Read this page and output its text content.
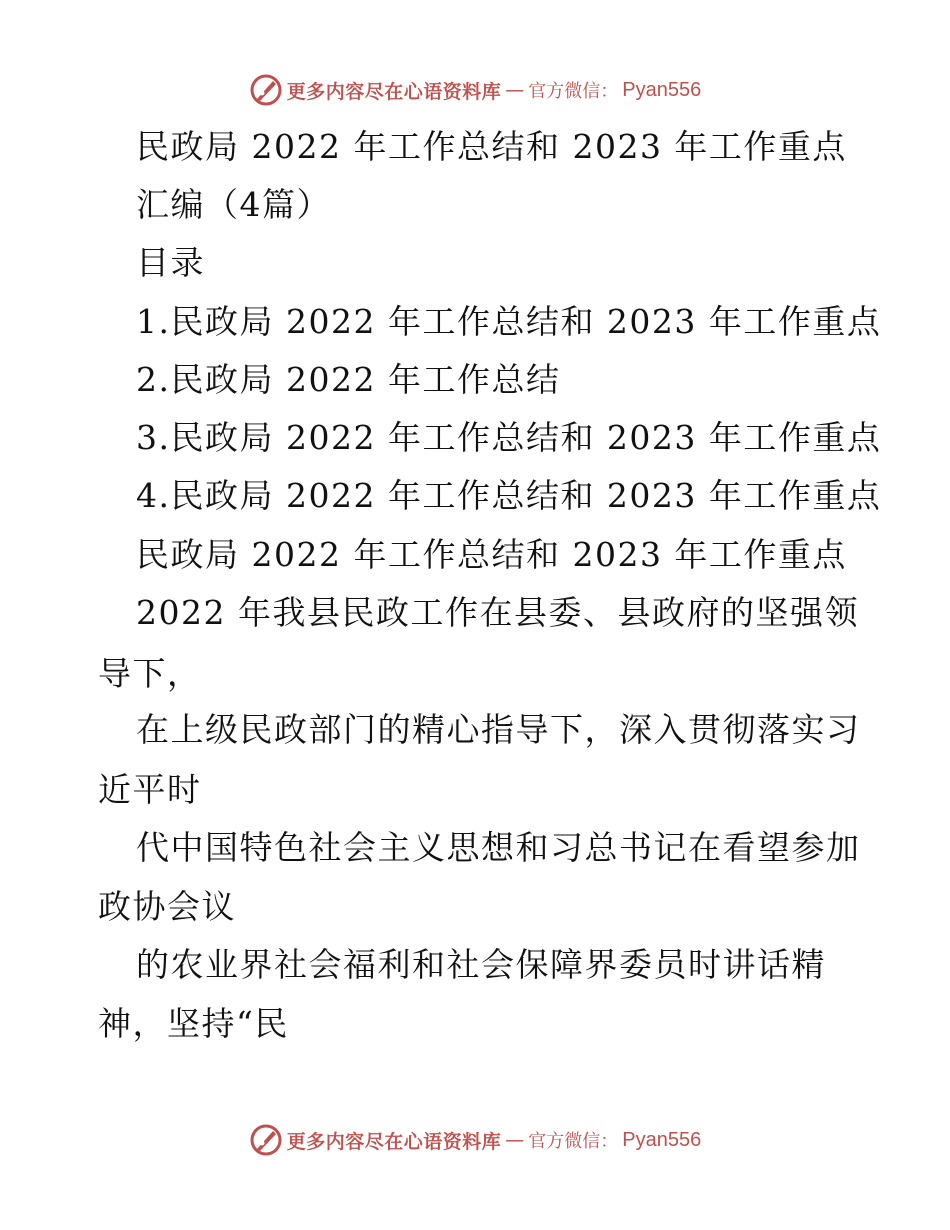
更多内容尽在心语资料库 — 官方微信： Pyan556
民政局 2022 年工作总结和 2023 年工作重点
汇编（4篇）
目录
1.民政局 2022 年工作总结和 2023 年工作重点
2.民政局 2022 年工作总结
3.民政局 2022 年工作总结和 2023 年工作重点
4.民政局 2022 年工作总结和 2023 年工作重点
民政局 2022 年工作总结和 2023 年工作重点
2022 年我县民政工作在县委、县政府的坚强领
导下，
在上级民政部门的精心指导下，深入贯彻落实习
近平时
代中国特色社会主义思想和习总书记在看望参加
政协会议
的农业界社会福利和社会保障界委员时讲话精
神，坚持“民
更多内容尽在心语资料库 — 官方微信： Pyan556
